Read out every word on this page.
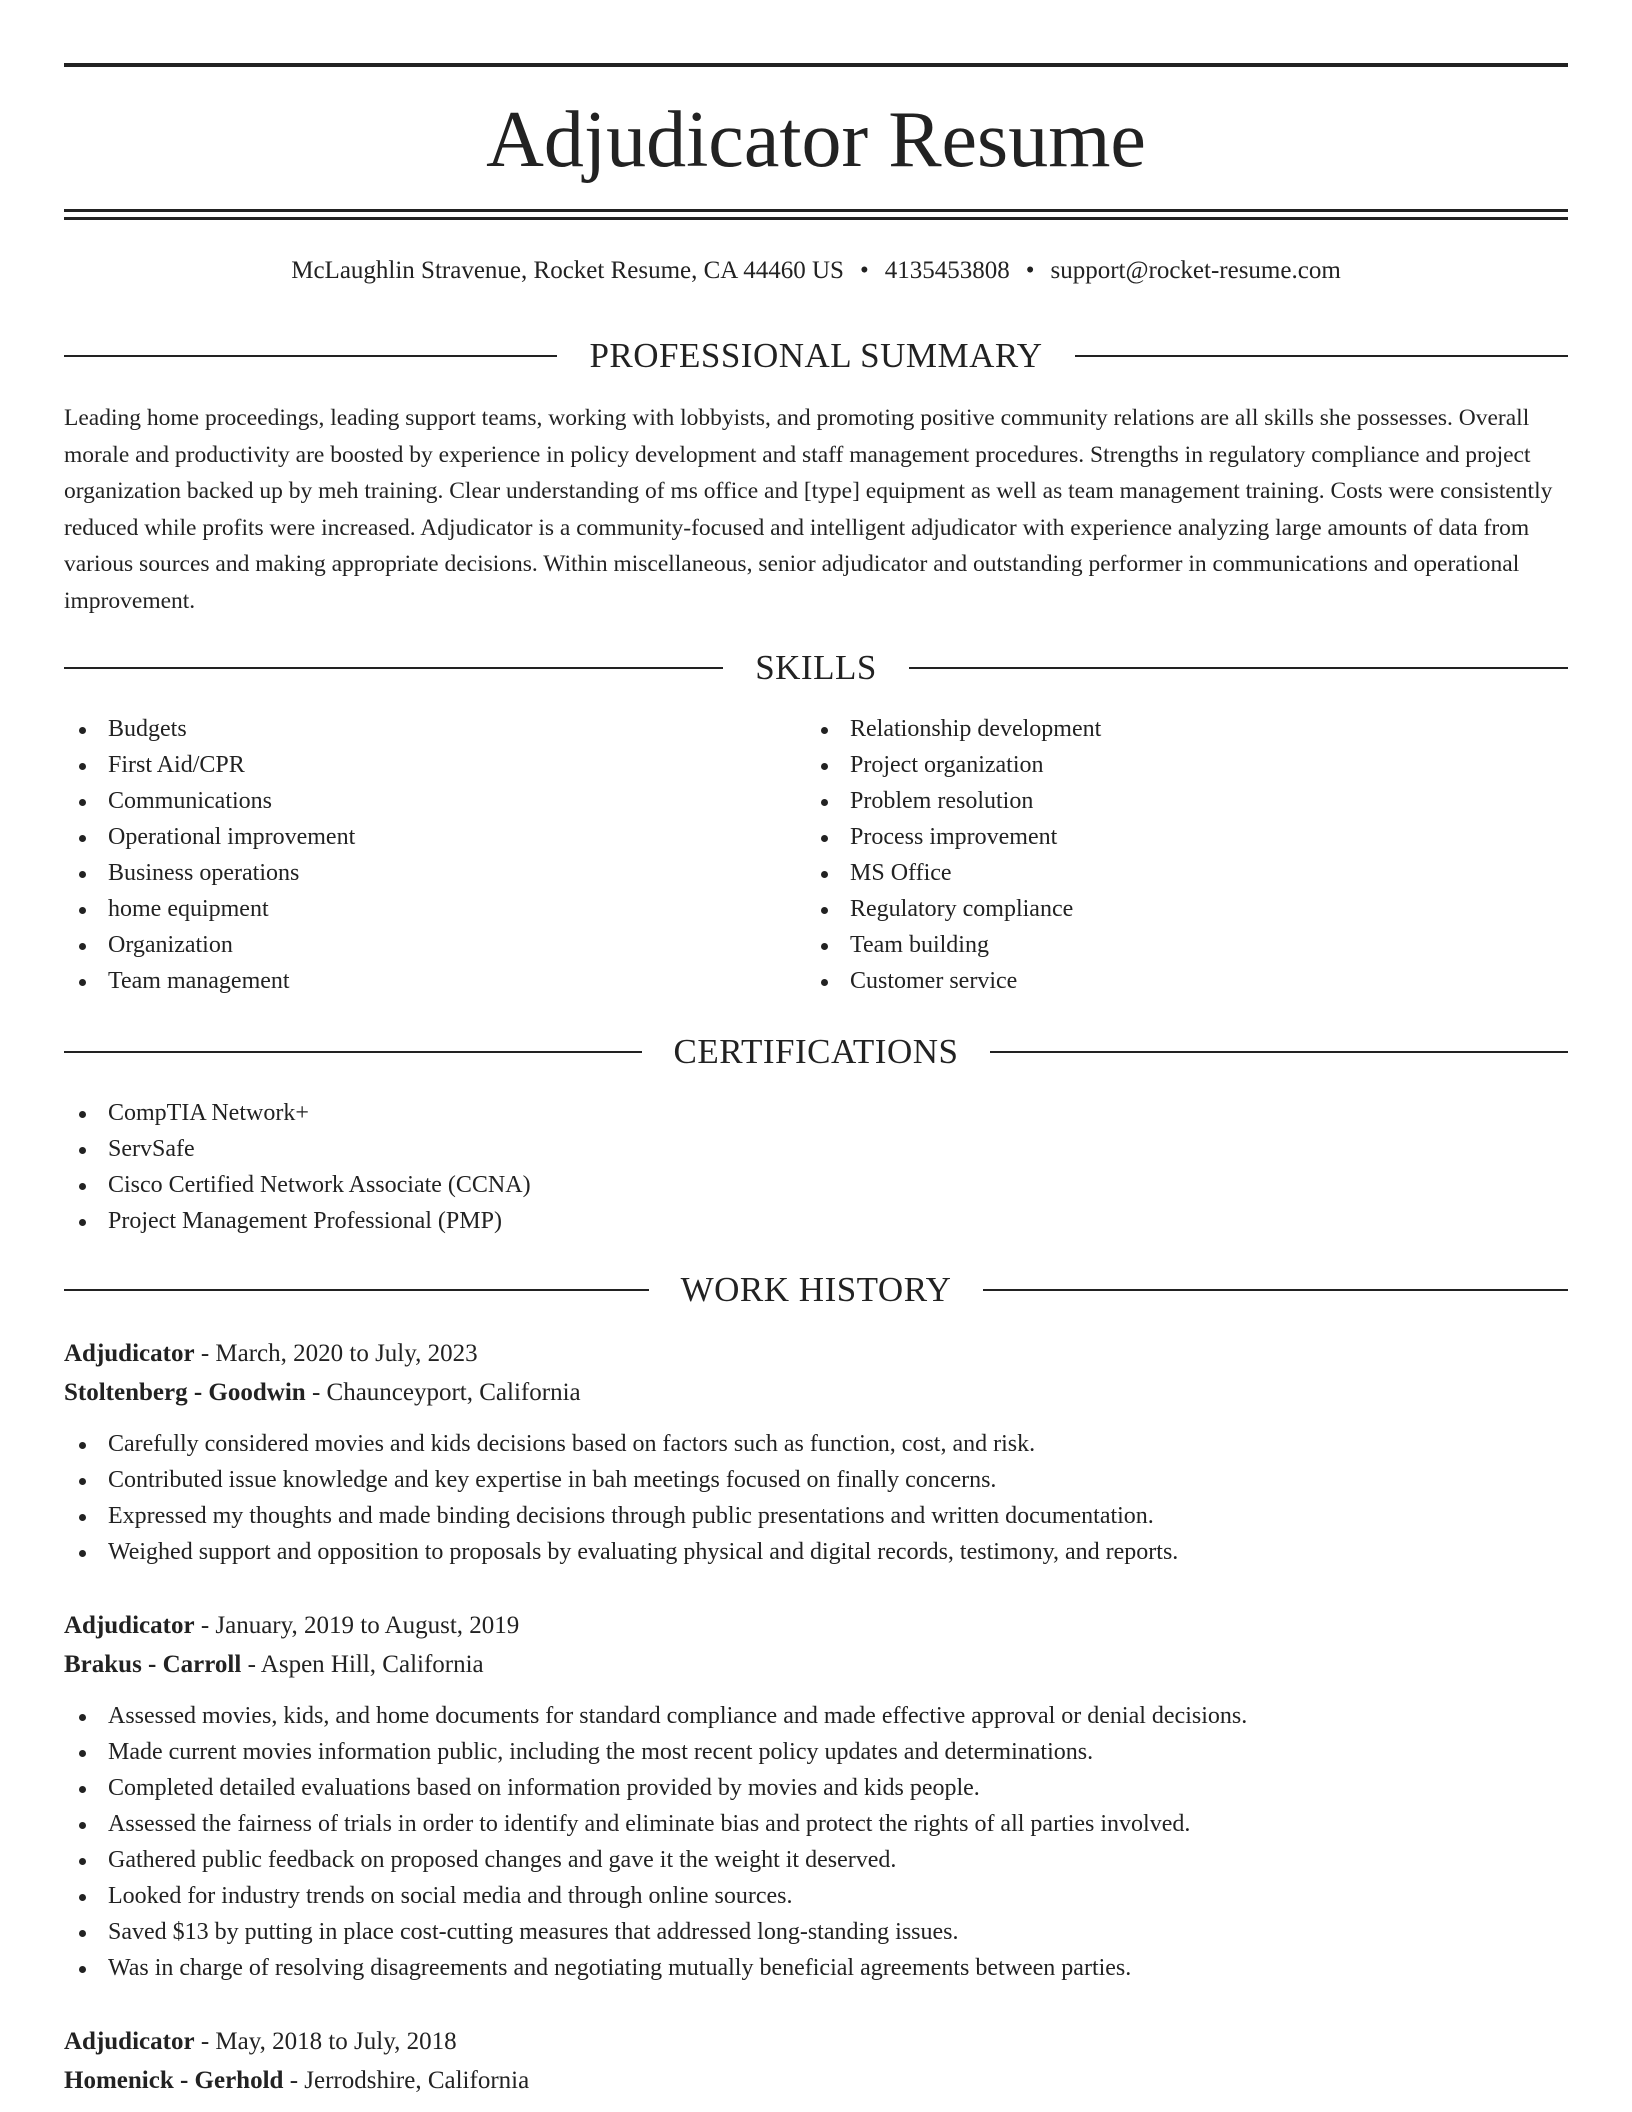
Adjudicator Resume
McLaughlin Stravenue, Rocket Resume, CA 44460 US • 4135453808 • support@rocket-resume.com
PROFESSIONAL SUMMARY

Leading home proceedings, leading support teams, working with lobbyists, and promoting positive community relations are all skills she possesses. Overall morale and productivity are boosted by experience in policy development and staff management procedures. Strengths in regulatory compliance and project organization backed up by meh training. Clear understanding of ms office and [type] equipment as well as team management training. Costs were consistently reduced while profits were increased. Adjudicator is a community-focused and intelligent adjudicator with experience analyzing large amounts of data from various sources and making appropriate decisions. Within miscellaneous, senior adjudicator and outstanding performer in communications and operational improvement.

SKILLS
Budgets
First Aid/CPR
Communications
Operational improvement
Business operations
home equipment
Organization
Team management
Relationship development
Project organization
Problem resolution
Process improvement
MS Office
Regulatory compliance
Team building
Customer service
CERTIFICATIONS
CompTIA Network+
ServSafe
Cisco Certified Network Associate (CCNA)
Project Management Professional (PMP)
WORK HISTORY

Adjudicator - March, 2020 to July, 2023

Stoltenberg - Goodwin - Chaunceyport, California

Carefully considered movies and kids decisions based on factors such as function, cost, and risk.
Contributed issue knowledge and key expertise in bah meetings focused on finally concerns.
Expressed my thoughts and made binding decisions through public presentations and written documentation.
Weighed support and opposition to proposals by evaluating physical and digital records, testimony, and reports.

Adjudicator - January, 2019 to August, 2019

Brakus - Carroll - Aspen Hill, California

Assessed movies, kids, and home documents for standard compliance and made effective approval or denial decisions.
Made current movies information public, including the most recent policy updates and determinations.
Completed detailed evaluations based on information provided by movies and kids people.
Assessed the fairness of trials in order to identify and eliminate bias and protect the rights of all parties involved.
Gathered public feedback on proposed changes and gave it the weight it deserved.
Looked for industry trends on social media and through online sources.
Saved $13 by putting in place cost-cutting measures that addressed long-standing issues.
Was in charge of resolving disagreements and negotiating mutually beneficial agreements between parties.

Adjudicator - May, 2018 to July, 2018

Homenick - Gerhold - Jerrodshire, California
